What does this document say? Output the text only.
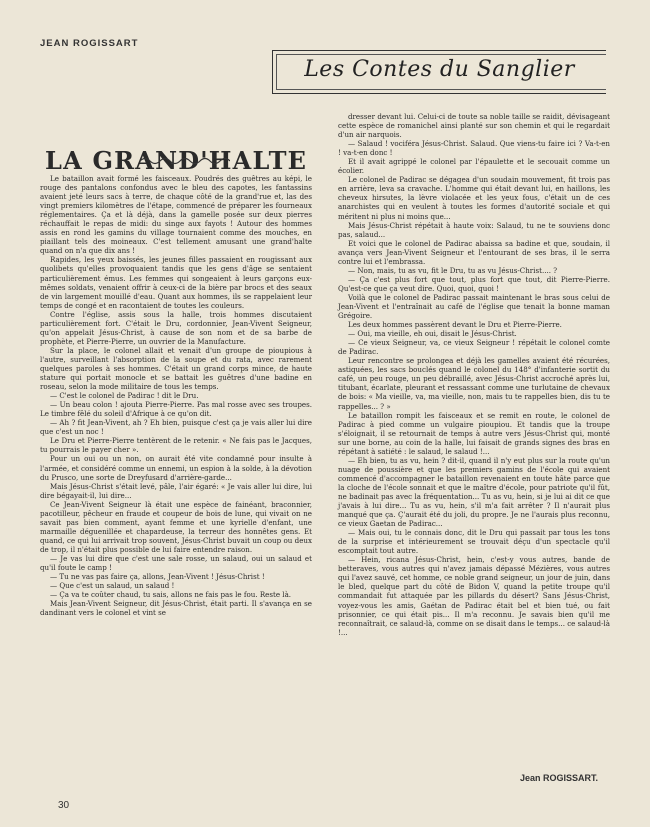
JEAN ROGISSART
Les Contes du Sanglier
LA GRAND'HALTE

Le bataillon avait formé les faisceaux. Poudrés des guêtres au képi, le rouge des pantalons confondus avec le bleu des capotes, les fantassins avaient jeté leurs sacs à terre, de chaque côté de la grand'rue et, las des vingt premiers kilomètres de l'étape, commencé de préparer les fourneaux réglementaires. Ça et là déjà, dans la gamelle posée sur deux pierres réchauffait le repas de midi: du singe aux fayots ! Autour des hommes assis en rond les gamins du village tournaient comme des mouches, en piaillant tels des moineaux. C'est tellement amusant une grand'halte quand on n'a que dix ans !

Rapides, les yeux baissés, les jeunes filles passaient en rougissant aux quolibets qu'elles provoquaient tandis que les gens d'âge se sentaient particulièrement émus. Les femmes qui songeaient à leurs garçons eux-mêmes soldats, venaient offrir à ceux-ci de la bière par brocs et des seaux de vin largement mouillé d'eau. Quant aux hommes, ils se rappelaient leur temps de congé et en racontaient de toutes les couleurs.

Contre l'église, assis sous la halle, trois hommes discutaient particulièrement fort. C'était le Dru, cordonnier, Jean-Vivent Seigneur, qu'on appelait Jésus-Christ, à cause de son nom et de sa barbe de prophète, et Pierre-Pierre, un ouvrier de la Manufacture.

Sur la place, le colonel allait et venait d'un groupe de pioupious à l'autre, surveillant l'absorption de la soupe et du rata, avec rarement quelques paroles à ses hommes. C'était un grand corps mince, de haute stature qui portait monocle et se battait les guêtres d'une badine en roseau, selon la mode militaire de tous les temps.

— C'est le colonel de Padirac ! dit le Dru.

— Un beau colon ! ajouta Pierre-Pierre. Pas mal rosse avec ses troupes. Le timbre fêlé du soleil d'Afrique à ce qu'on dit.

— Ah ? fit Jean-Vivent, ah ? Eh bien, puisque c'est ça je vais aller lui dire que c'est un noc !

Le Dru et Pierre-Pierre tentèrent de le retenir. « Ne fais pas le Jacques, tu pourrais le payer cher ».

Pour un oui ou un non, on aurait été vite condamné pour insulte à l'armée, et considéré comme un ennemi, un espion à la solde, à la dévotion du Prusco, une sorte de Dreyfusard d'arrière-garde...

Mais Jésus-Christ s'était levé, pâle, l'air égaré: « Je vais aller lui dire, lui dire bégayait-il, lui dire...

Ce Jean-Vivent Seigneur là était une espèce de fainéant, braconnier, pacotilleur, pêcheur en fraude et coupeur de bois de lune, qui vivait on ne savait pas bien comment, ayant femme et une kyrielle d'enfant, une marmaille déguenillée et chapardeuse, la terreur des honnêtes gens. Et quand, ce qui lui arrivait trop souvent, Jésus-Christ buvait un coup ou deux de trop, il n'était plus possible de lui faire entendre raison.

— Je vas lui dire que c'est une sale rosse, un salaud, oui un salaud et qu'il foute le camp !

— Tu ne vas pas faire ça, allons, Jean-Vivent ! Jésus-Christ !

— Que c'est un salaud, un salaud !

— Ça va te coûter chaud, tu sais, allons ne fais pas le fou. Reste là.

Mais Jean-Vivent Seigneur, dit Jésus-Christ, était parti. Il s'avança en se dandinant vers le colonel et vint se

dresser devant lui. Celui-ci de toute sa noble taille se raidit, dévisageant cette espèce de romanichel ainsi planté sur son chemin et qui le regardait d'un air narquois.

— Salaud ! vociféra Jésus-Christ. Salaud. Que viens-tu faire ici ? Va-t-en ! va-t-en donc !

Et il avait agrippé le colonel par l'épaulette et le secouait comme un écolier.

Le colonel de Padirac se dégagea d'un soudain mouvement, fit trois pas en arrière, leva sa cravache. L'homme qui était devant lui, en haillons, les cheveux hirsutes, la lèvre violacée et les yeux fous, c'était un de ces anarchistes qui en veulent à toutes les formes d'autorité sociale et qui méritent ni plus ni moins que...

Mais Jésus-Christ répétait à haute voix: Salaud, tu ne te souviens donc pas, salaud...

Et voici que le colonel de Padirac abaissa sa badine et que, soudain, il avança vers Jean-Vivent Seigneur et l'entourant de ses bras, il le serra contre lui et l'embrassa.

— Non, mais, tu as vu, fit le Dru, tu as vu Jésus-Christ.... ?

— Ça c'est plus fort que tout, plus fort que tout, dit Pierre-Pierre. Qu'est-ce que ça veut dire. Quoi, quoi, quoi !

Voilà que le colonel de Padirac passait maintenant le bras sous celui de Jean-Vivent et l'entraînait au café de l'église que tenait la bonne maman Grégoire.

Les deux hommes passèrent devant le Dru et Pierre-Pierre.

— Oui, ma vieille, eh oui, disait le Jésus-Christ.

— Ce vieux Seigneur, va, ce vieux Seigneur ! répétait le colonel comte de Padirac.

Leur rencontre se prolongea et déjà les gamelles avaient été récurées, astiquées, les sacs bouclés quand le colonel du 148° d'infanterie sortit du café, un peu rouge, un peu débraillé, avec Jésus-Christ accroché après lui, titubant, écarlate, pleurant et ressassant comme une turlutaine de chevaux de bois: « Ma vieille, va, ma vieille, non, mais tu te rappelles bien, dis tu te rappelles... ? »

Le bataillon rompit les faisceaux et se remit en route, le colonel de Padirac à pied comme un vulgaire pioupiou. Et tandis que la troupe s'éloignait, il se retournait de temps à autre vers Jésus-Christ qui, monté sur une borne, au coin de la halle, lui faisait de grands signes des bras en répétant à satiété : le salaud, le salaud !...

— Eh bien, tu as vu, hein ? dit-il, quand il n'y eut plus sur la route qu'un nuage de poussière et que les premiers gamins de l'école qui avaient commencé d'accompagner le bataillon revenaient en toute hâte parce que la cloche de l'école sonnait et que le maître d'école, pour patriote qu'il fût, ne badinait pas avec la fréquentation... Tu as vu, hein, si je lui ai dit ce que j'avais à lui dire... Tu as vu, hein, s'il m'a fait arrêter ? Il n'aurait plus manqué que ça. Ç'aurait été du joli, du propre. Je ne l'aurais plus reconnu, ce vieux Gaetan de Padirac...

— Mais oui, tu le connais donc, dit le Dru qui passait par tous les tons de la surprise et intérieurement se trouvait déçu d'un spectacle qu'il escomptait tout autre.

— Hein, ricana Jésus-Christ, hein, c'est-y vous autres, bande de betteraves, vous autres qui n'avez jamais dépassé Mézières, vous autres qui l'avez sauvé, cet homme, ce noble grand seigneur, un jour de juin, dans le bled, quelque part du côté de Bidon V, quand la petite troupe qu'il commandait fut attaquée par les pillards du désert? Sans Jésus-Christ, voyez-vous les amis, Gaétan de Padirac était bel et bien tué, ou fait prisonnier, ce qui était pis... Il m'a reconnu. Je savais bien qu'il me reconnaîtrait, ce salaud-là, comme on se disait dans le temps... ce salaud-là !...

Jean ROGISSART.
30
